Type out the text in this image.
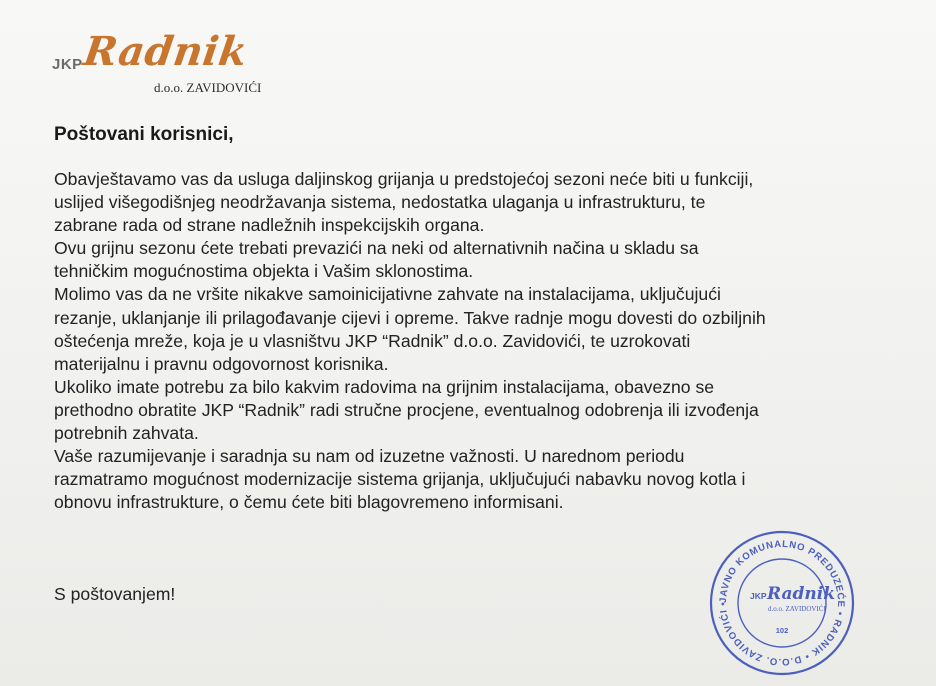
JKP
Radnik
d.o.o. ZAVIDOVIĆI
Poštovani korisnici,
Obavještavamo vas da usluga daljinskog grijanja u predstojećoj sezoni neće biti u funkciji,
uslijed višegodišnjeg neodržavanja sistema, nedostatka ulaganja u infrastrukturu, te
zabrane rada od strane nadležnih inspekcijskih organa.
Ovu grijnu sezonu ćete trebati prevazići na neki od alternativnih načina u skladu sa
tehničkim mogućnostima objekta i Vašim sklonostima.
Molimo vas da ne vršite nikakve samoinicijativne zahvate na instalacijama, uključujući
rezanje, uklanjanje ili prilagođavanje cijevi i opreme. Takve radnje mogu dovesti do ozbiljnih
oštećenja mreže, koja je u vlasništvu JKP “Radnik” d.o.o. Zavidovići, te uzrokovati
materijalnu i pravnu odgovornost korisnika.
Ukoliko imate potrebu za bilo kakvim radovima na grijnim instalacijama, obavezno se
prethodno obratite JKP “Radnik” radi stručne procjene, eventualnog odobrenja ili izvođenja
potrebnih zahvata.
Vaše razumijevanje i saradnja su nam od izuzetne važnosti. U narednom periodu
razmatramo mogućnost modernizacije sistema grijanja, uključujući nabavku novog kotla i
obnovu infrastrukture, o čemu ćete biti blagovremeno informisani.
S poštovanjem!	JAVNO KOMUNALNO PREDUZEĆE • RADNIK • D.O.O. ZAVIDOVIĆI •
JKP Radnik
d.o.o. ZAVIDOVIĆI
102
